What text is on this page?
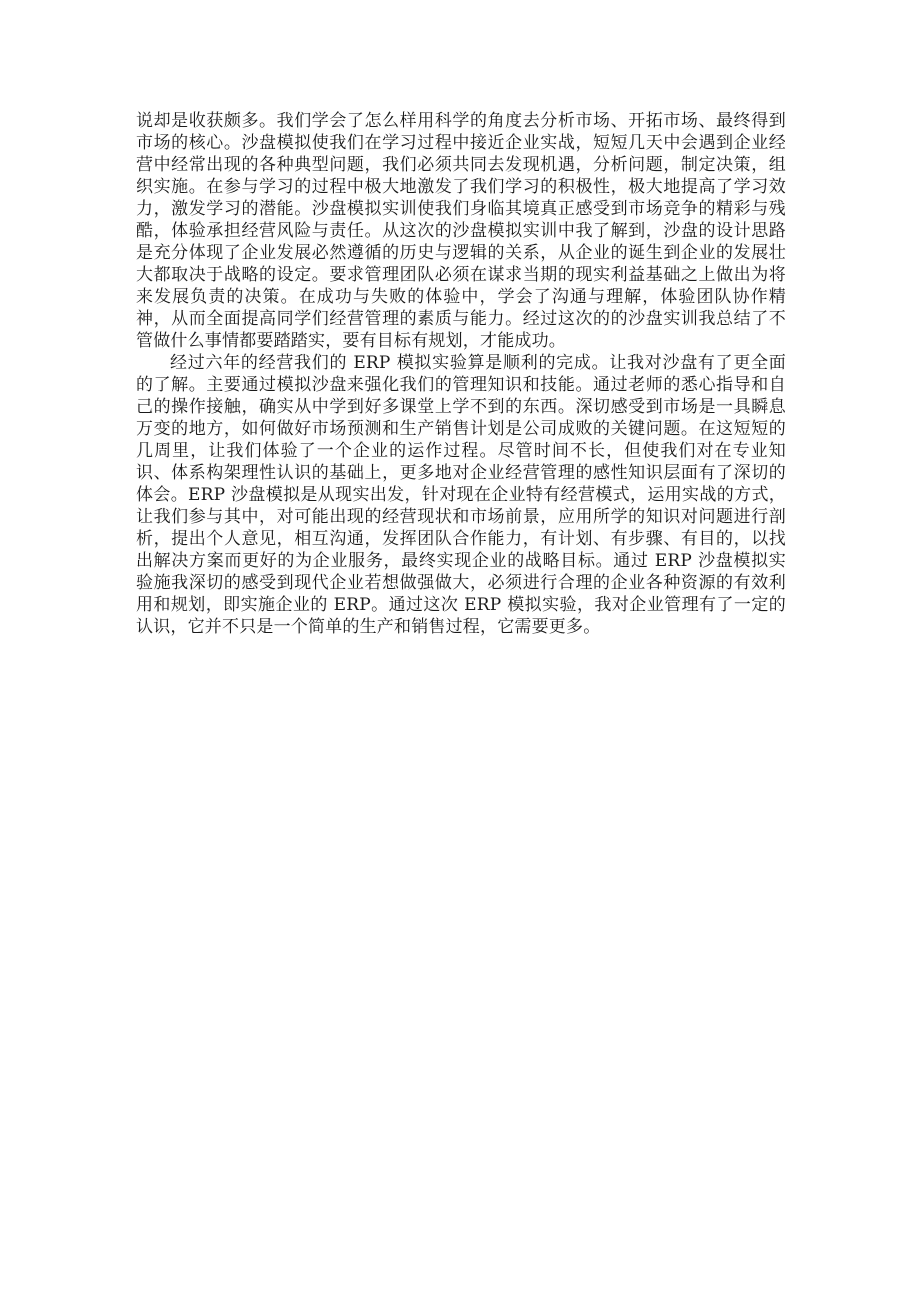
说却是收获颇多。我们学会了怎么样用科学的角度去分析市场、开拓市场、最终得到市场的核心。沙盘模拟使我们在学习过程中接近企业实战，短短几天中会遇到企业经营中经常出现的各种典型问题，我们必须共同去发现机遇，分析问题，制定决策，组织实施。在参与学习的过程中极大地激发了我们学习的积极性，极大地提高了学习效力，激发学习的潜能。沙盘模拟实训使我们身临其境真正感受到市场竞争的精彩与残酷，体验承担经营风险与责任。从这次的沙盘模拟实训中我了解到，沙盘的设计思路是充分体现了企业发展必然遵循的历史与逻辑的关系，从企业的诞生到企业的发展壮大都取决于战略的设定。要求管理团队必须在谋求当期的现实利益基础之上做出为将来发展负责的决策。在成功与失败的体验中，学会了沟通与理解，体验团队协作精神，从而全面提高同学们经营管理的素质与能力。经过这次的的沙盘实训我总结了不管做什么事情都要踏踏实，要有目标有规划，才能成功。

经过六年的经营我们的 ERP 模拟实验算是顺利的完成。让我对沙盘有了更全面的了解。主要通过模拟沙盘来强化我们的管理知识和技能。通过老师的悉心指导和自己的操作接触，确实从中学到好多课堂上学不到的东西。深切感受到市场是一具瞬息万变的地方，如何做好市场预测和生产销售计划是公司成败的关键问题。在这短短的几周里，让我们体验了一个企业的运作过程。尽管时间不长，但使我们对在专业知识、体系构架理性认识的基础上，更多地对企业经营管理的感性知识层面有了深切的体会。ERP 沙盘模拟是从现实出发，针对现在企业特有经营模式，运用实战的方式，让我们参与其中，对可能出现的经营现状和市场前景，应用所学的知识对问题进行剖析，提出个人意见，相互沟通，发挥团队合作能力，有计划、有步骤、有目的，以找出解决方案而更好的为企业服务，最终实现企业的战略目标。通过 ERP 沙盘模拟实验施我深切的感受到现代企业若想做强做大，必须进行合理的企业各种资源的有效利用和规划，即实施企业的 ERP。通过这次 ERP 模拟实验，我对企业管理有了一定的认识，它并不只是一个简单的生产和销售过程，它需要更多。
